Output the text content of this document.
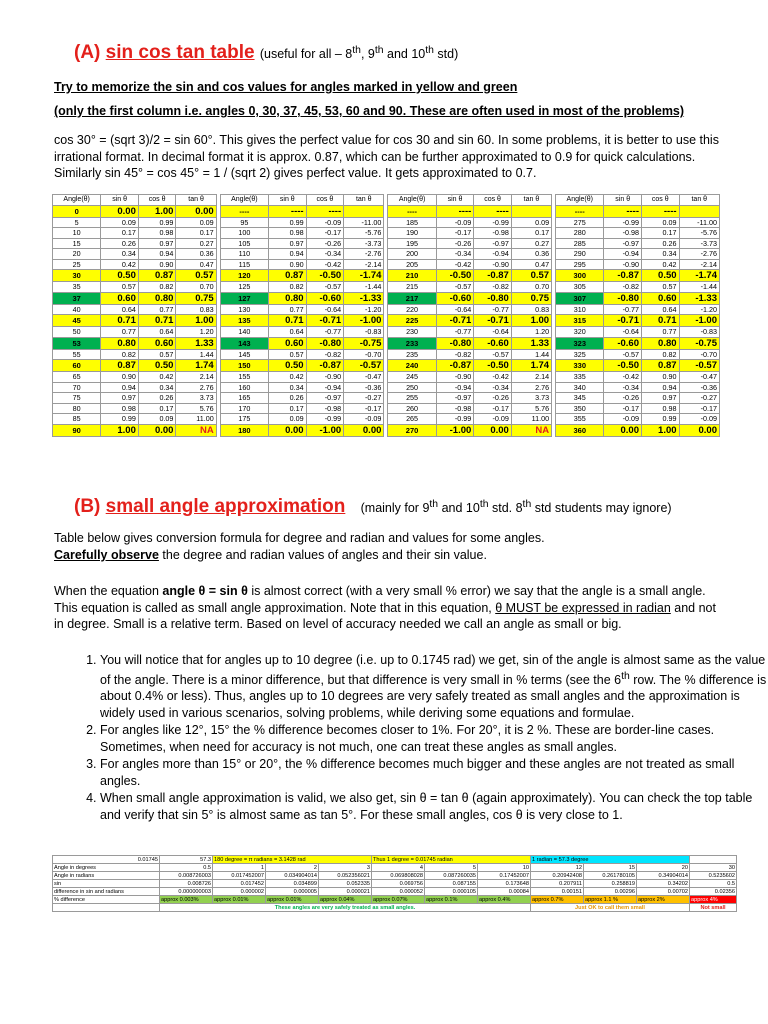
(A) sin cos tan table (useful for all – 8th, 9th and 10th std)
Try to memorize the sin and cos values for angles marked in yellow and green
(only the first column i.e. angles 0, 30, 37, 45, 53, 60 and 90. These are often used in most of the problems)
cos 30° = (sqrt 3)/2 = sin 60°. This gives the perfect value for cos 30 and sin 60. In some problems, it is better to use this irrational format. In decimal format it is approx. 0.87, which can be further approximated to 0.9 for quick calculations. Similarly sin 45° = cos 45° = 1 / (sqrt 2) gives perfect value. It gets approximated to 0.7.
Angle(θ)	sin θ	cos θ	tan θ		Angle(θ)	sin θ	cos θ	tan θ		Angle(θ)	sin θ	cos θ	tan θ		Angle(θ)	sin θ	cos θ	tan θ
0	0.00	1.00	0.00		----	----	----			----	----	----			----	----	----	
5	0.09	0.99	0.09		95	0.99	-0.09	-11.00		185	-0.09	-0.99	0.09		275	-0.99	0.09	-11.00
10	0.17	0.98	0.17		100	0.98	-0.17	-5.76		190	-0.17	-0.98	0.17		280	-0.98	0.17	-5.76
15	0.26	0.97	0.27		105	0.97	-0.26	-3.73		195	-0.26	-0.97	0.27		285	-0.97	0.26	-3.73
20	0.34	0.94	0.36		110	0.94	-0.34	-2.76		200	-0.34	-0.94	0.36		290	-0.94	0.34	-2.76
25	0.42	0.90	0.47		115	0.90	-0.42	-2.14		205	-0.42	-0.90	0.47		295	-0.90	0.42	-2.14
30	0.50	0.87	0.57		120	0.87	-0.50	-1.74		210	-0.50	-0.87	0.57		300	-0.87	0.50	-1.74
35	0.57	0.82	0.70		125	0.82	-0.57	-1.44		215	-0.57	-0.82	0.70		305	-0.82	0.57	-1.44
37	0.60	0.80	0.75		127	0.80	-0.60	-1.33		217	-0.60	-0.80	0.75		307	-0.80	0.60	-1.33
40	0.64	0.77	0.83		130	0.77	-0.64	-1.20		220	-0.64	-0.77	0.83		310	-0.77	0.64	-1.20
45	0.71	0.71	1.00		135	0.71	-0.71	-1.00		225	-0.71	-0.71	1.00		315	-0.71	0.71	-1.00
50	0.77	0.64	1.20		140	0.64	-0.77	-0.83		230	-0.77	-0.64	1.20		320	-0.64	0.77	-0.83
53	0.80	0.60	1.33		143	0.60	-0.80	-0.75		233	-0.80	-0.60	1.33		323	-0.60	0.80	-0.75
55	0.82	0.57	1.44		145	0.57	-0.82	-0.70		235	-0.82	-0.57	1.44		325	-0.57	0.82	-0.70
60	0.87	0.50	1.74		150	0.50	-0.87	-0.57		240	-0.87	-0.50	1.74		330	-0.50	0.87	-0.57
65	0.90	0.42	2.14		155	0.42	-0.90	-0.47		245	-0.90	-0.42	2.14		335	-0.42	0.90	-0.47
70	0.94	0.34	2.76		160	0.34	-0.94	-0.36		250	-0.94	-0.34	2.76		340	-0.34	0.94	-0.36
75	0.97	0.26	3.73		165	0.26	-0.97	-0.27		255	-0.97	-0.26	3.73		345	-0.26	0.97	-0.27
80	0.98	0.17	5.76		170	0.17	-0.98	-0.17		260	-0.98	-0.17	5.76		350	-0.17	0.98	-0.17
85	0.99	0.09	11.00		175	0.09	-0.99	-0.09		265	-0.99	-0.09	11.00		355	-0.09	0.99	-0.09
90	1.00	0.00	NA		180	0.00	-1.00	0.00		270	-1.00	0.00	NA		360	0.00	1.00	0.00
(B) small angle approximation (mainly for 9th and 10th std. 8th std students may ignore)
Table below gives conversion formula for degree and radian and values for some angles.
Carefully observe the degree and radian values of angles and their sin value.
When the equation angle θ = sin θ is almost correct (with a very small % error) we say that the angle is a small angle. This equation is called as small angle approximation. Note that in this equation, θ MUST be expressed in radian and not in degree. Small is a relative term. Based on level of accuracy needed we call an angle as small or big.
1. You will notice that for angles up to 10 degree (i.e. up to 0.1745 rad) we get, sin of the angle is almost same as the value of the angle. There is a minor difference, but that difference is very small in % terms (see the 6th row. The % difference is about 0.4% or less). Thus, angles up to 10 degrees are very safely treated as small angles and the approximation is widely used in various scenarios, solving problems, while deriving some equations and formulae.
2. For angles like 12°, 15° the % difference becomes closer to 1%. For 20°, it is 2 %. These are border-line cases. Sometimes, when need for accuracy is not much, one can treat these angles as small angles.
3. For angles more than 15° or 20°, the % difference becomes much bigger and these angles are not treated as small angles.
4. When small angle approximation is valid, we also get, sin θ = tan θ (again approximately). You can check the top table and verify that sin 5° is almost same as tan 5°. For these small angles, cos θ is very close to 1.
0.01745	57.3	180 degree = π radians = 3.1428 rad			Thus 1 degree = 0.01745 radian			1 radian = 57.3 degree			
Angle in degrees	0.5	1	2	3	4	5	10	12	15	20	30
Angle in radians	0.008726003	0.017452007	0.034904014	0.052356021	0.069808028	0.087260035	0.17452007	0.20942408	0.261780105	0.34904014	0.5235602
sin	0.008726	0.017452	0.034899	0.052335	0.069756	0.087155	0.173648	0.207911	0.258819	0.34202	0.5
difference in sin and radians	0.000000003	0.000002	0.000005	0.000021	0.000052	0.000105	0.00084	0.00151	0.00296	0.00702	0.02356
% difference	approx 0.003%	approx 0.01%	approx 0.01%	approx 0.04%	approx 0.07%	approx 0.1%	approx 0.4%	approx 0.7%	approx 1.1 %	approx 2%	approx 4%
	These angles are very safely treated as small angles.							Just OK to call them small			Not small
